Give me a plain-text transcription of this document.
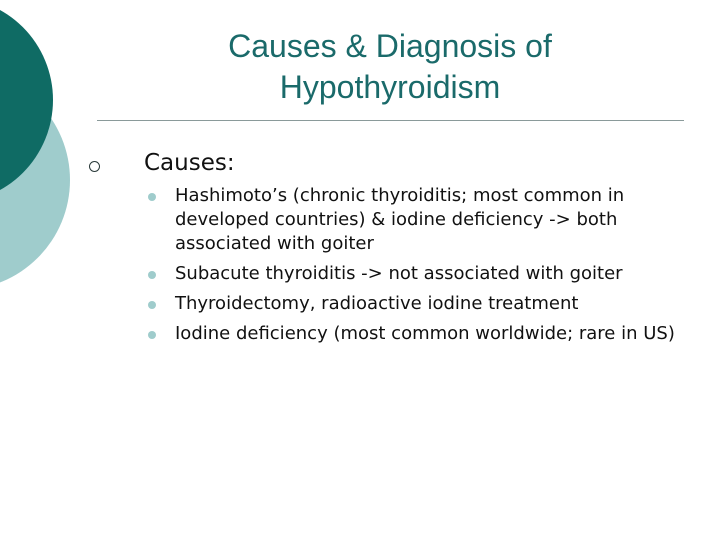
Causes & Diagnosis of
Hypothyroidism
Causes:
Hashimoto’s (chronic thyroiditis; most common in developed countries) & iodine deficiency -> both associated with goiter
Subacute thyroiditis -> not associated with goiter
Thyroidectomy, radioactive iodine treatment
Iodine deficiency (most common worldwide; rare in US)
